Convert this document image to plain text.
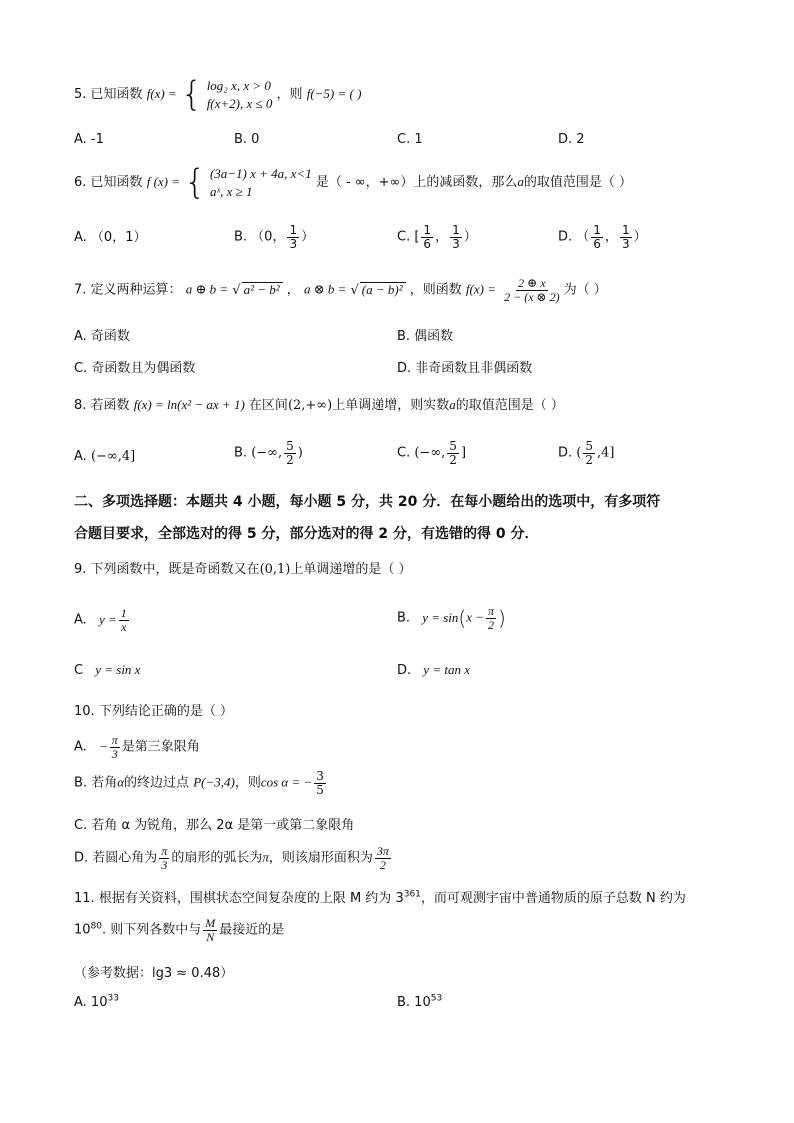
5. 已知函数 f(x) = { log₂ x, x > 0
f(x+2), x ≤ 0
，则 f(−5) = ( )
A. -1	B. 0	C. 1	D. 2
6. 已知函数 f (x) = { (3a−1) x + 4a, x<1
aˣ, x ≥ 1
是（ - ∞，+∞）上的减函数，那么a的取值范围是（ ）
A. （0，1）	B. （0， $\frac{1}{3}$ ）	C. [ $\frac{1}{6}$ ， $\frac{1}{3}$ ）	D. （ $\frac{1}{6}$ ， $\frac{1}{3}$ ）
7. 定义两种运算： a ⊕ b = √ a² − b² ， a ⊗ b = √ (a − b)² ，则函数 $f(x) = \frac{2 \oplus x}{2 - (x \otimes 2)}$ 为（ ）
A. 奇函数	B. 偶函数
C. 奇函数且为偶函数	D. 非奇函数且非偶函数
8. 若函数 f(x) = ln(x² − ax + 1) 在区间(2,+∞)上单调递增，则实数a的取值范围是（ ）
A. (−∞,4]	B. (−∞, $\frac{5}{2}$ )	C. (−∞, $\frac{5}{2}$ ]	D. ( $\frac{5}{2} ,4$]
二、多项选择题：本题共 4 小题，每小题 5 分，共 20 分．在每小题给出的选项中，有多项符
合题目要求，全部选对的得 5 分，部分选对的得 2 分，有选错的得 0 分．
9. 下列函数中，既是奇函数又在(0,1)上单调递增的是（ ）
A. $y = \frac{1}{x}$	B. $y = \sin(x - \frac{\pi}{2}$ )
C y = sin x	D. y = tan x
10. 下列结论正确的是（ ）
A. − $\frac{\pi}{3}$ 是第三象限角
B. 若角α的终边过点 P(−3,4)，则cos α = − $\frac{3}{5}$
C. 若角 α 为锐角，那么 2α 是第一或第二象限角
D. 若圆心角为 $\frac{\pi}{3}$ 的扇形的弧长为π，则该扇形面积为 $\frac{3\pi}{2}$
11. 根据有关资料，围棋状态空间复杂度的上限 M 约为 $3^{361}$，而可观测宇宙中普通物质的原子总数 N 约为
$10^{80}$. 则下列各数中与 $\frac{M}{N}$ 最接近的是
（参考数据：lg3 ≈ 0.48）
A. $10^{33}$	B. $10^{53}$
